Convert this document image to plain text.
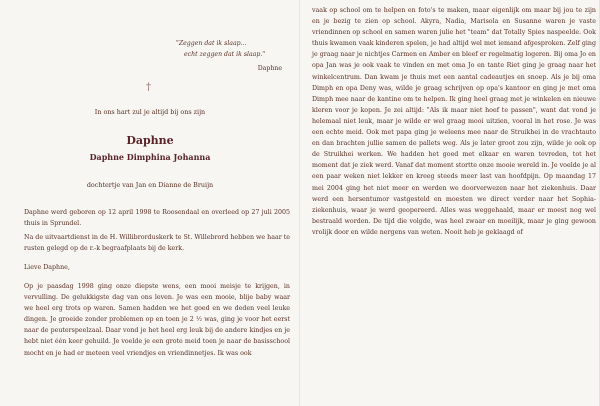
"Zeggen dat ik slaap...
echt zeggen dat ik slaap."
Daphne
†
In ons hart zul je altijd bij ons zijn
Daphne
Daphne Dimphina Johanna
dochtertje van Jan en Dianne de Bruijn
Daphne werd geboren op 12 april 1998 te Roosendaal en overleed op 27 juli 2005 thuis in Sprundel.
Na de uitvaartdienst in de H. Willibrorduskerk te St. Willebrord hebben we haar te rusten gelegd op de r.-k begraafplaats bij de kerk.
Lieve Daphne,
Op je paasdag 1998 ging onze diepste wens, een mooi meisje te krijgen, in vervulling. De gelukkigste dag van ons leven. Je was een mooie, blije baby waar we heel erg trots op waren. Samen hadden we het goed en we deden veel leuke dingen. Je groeide zonder problemen op en toen je 2 ½ was, ging je voor het eerst naar de peuterspeelzaal. Daar vond je het heel erg leuk bij de andere kindjes en je hebt niet één keer gehuild. Je voelde je een grote meid toen je naar de basisschool mocht en je had er meteen veel vriendjes en vriendinnetjes. Ik was ook
vaak op school om te helpen en foto's te maken, maar eigenlijk om maar bij jou te zijn en je bezig te zien op school. Akyra, Nadia, Marisola en Susanne waren je vaste vriendinnen op school en samen waren julie het "team" dat Totally Spies naspeelde. Ook thuis kwamen vaak kinderen spelen, je had altijd wel met iemand afgesproken. Zelf ging je graag naar je nichtjes Carmen en Amber en bleef er regelmatig logeren. Bij oma Jo en opa Jan was je ook vaak te vinden en met oma Jo en tante Riet ging je graag naar het winkelcentrum. Dan kwam je thuis met een aantal cadeautjes en snoep. Als je bij oma Dimph en opa Deny was, wilde je graag schrijven op opa's kantoor en ging je met oma Dimph mee naar de kantine om te helpen. Ik ging heel graag met je winkelen en nieuwe kleren voor je kopen. Je zei altijd: "Als ik maar niet hoef te passen", want dat vond je helemaal niet leuk, maar je wilde er wel graag mooi uitzien, vooral in het rose. Je was een echte meid. Ook met papa ging je weleens mee naar de Struikhei in de vrachtauto en dan brachten jullie samen de pallets weg. Als je later groot zou zijn, wilde je ook op de Struikhei werken. We hadden het goed met elkaar en waren tevreden, tot het moment dat je ziek werd. Vanaf dat moment stortte onze mooie wereld in. Je voelde je al een paar weken niet lekker en kreeg steeds meer last van hoofdpijn. Op maandag 17 mei 2004 ging het niet meer en werden we doorverwezen naar het ziekenhuis. Daar werd een hersentumor vastgesteld en moesten we direct verder naar het Sophia-ziekenhuis, waar je werd geopereerd. Alles was weggehaald, maar er moest nog wel bestraald worden. De tijd die volgde, was heel zwaar en moeilijk, maar je ging gewoon vrolijk door en wilde nergens van weten. Nooit heb je geklaagd of
